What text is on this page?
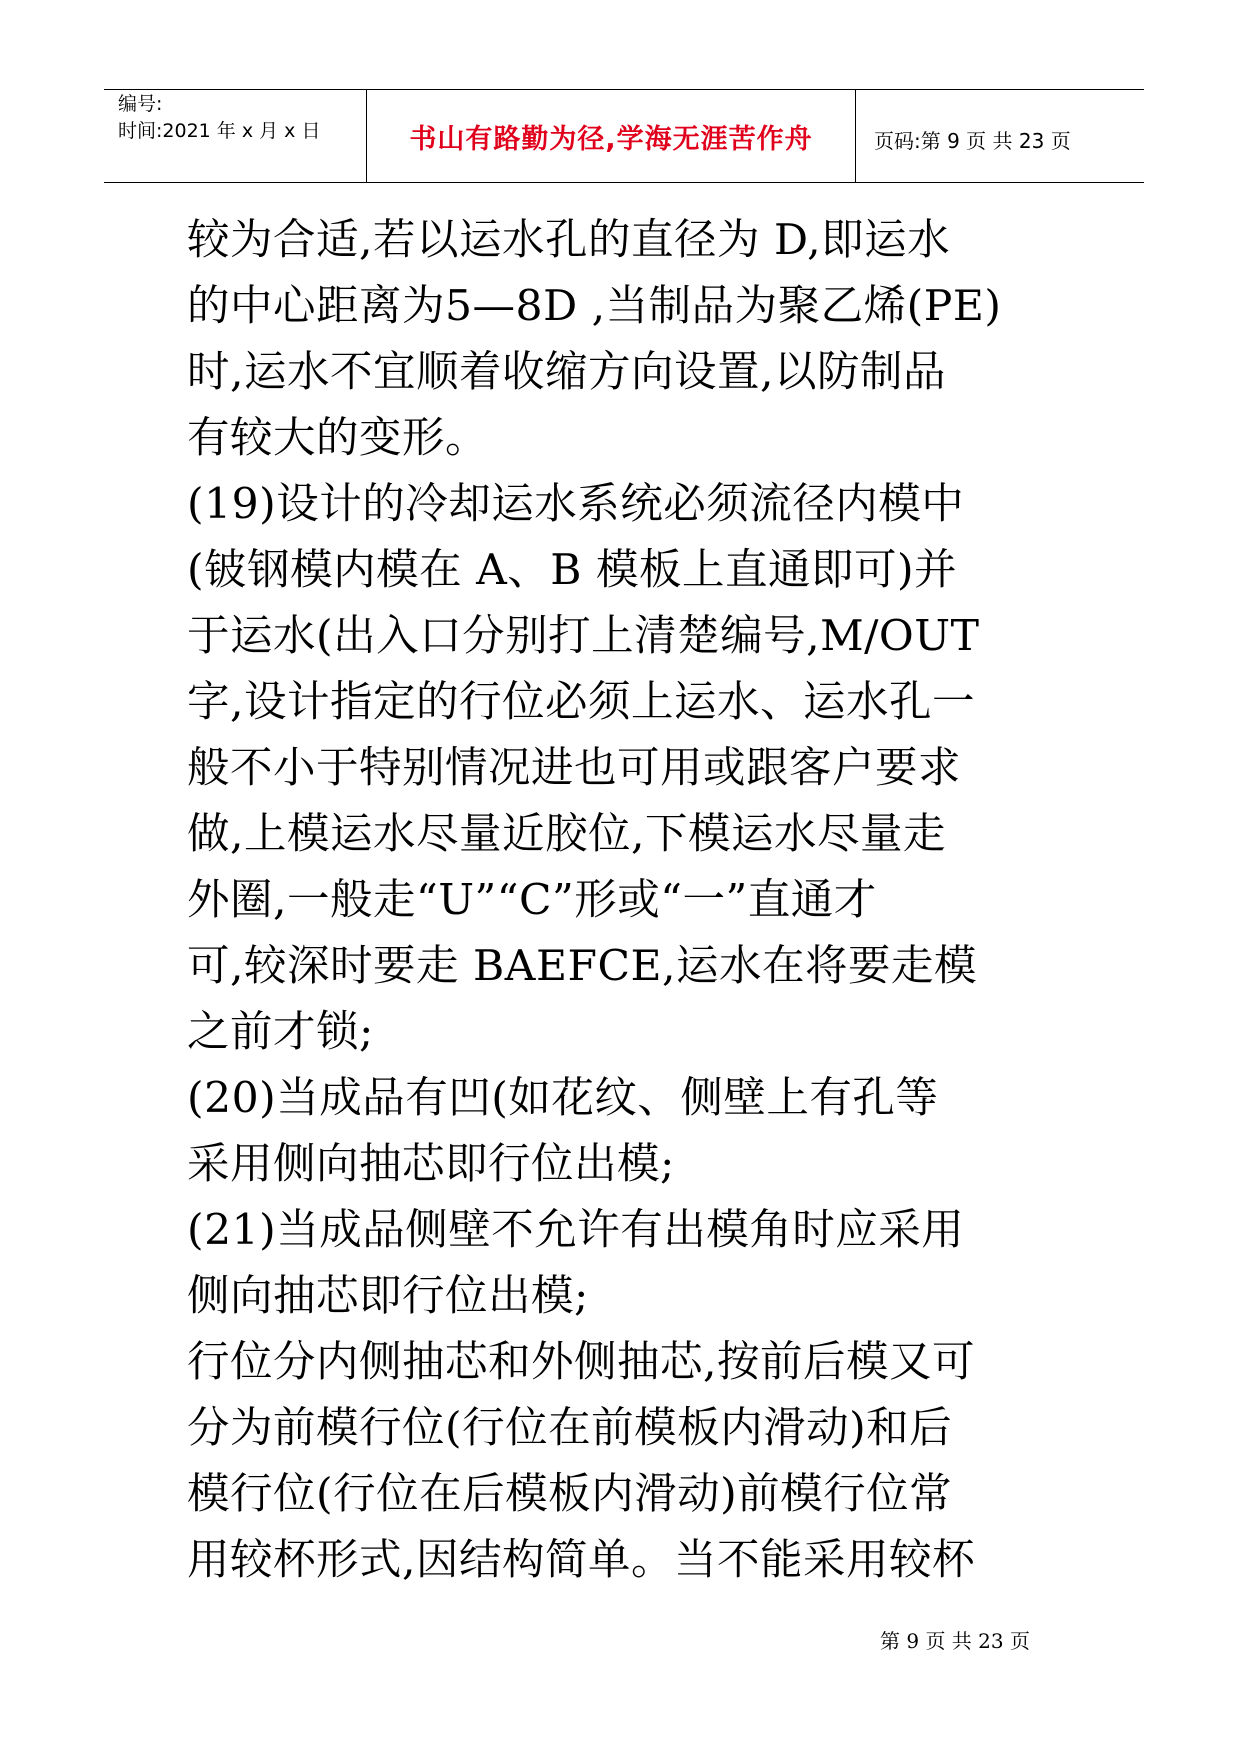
编号:
时间:2021 年 x 月 x 日	书山有路勤为径,学海无涯苦作舟	页码:第 9 页 共 23 页
较为合适,若以运水孔的直径为 D,即运水
的中心距离为5—8D ,当制品为聚乙烯(PE)
时,运水不宜顺着收缩方向设置,以防制品
有较大的变形。
(19)设计的冷却运水系统必须流径内模中
(铍钢模内模在 A、B 模板上直通即可)并
于运水(出入口分别打上清楚编号,M/OUT
字,设计指定的行位必须上运水、运水孔一
般不小于特别情况进也可用或跟客户要求
做,上模运水尽量近胶位,下模运水尽量走
外圈,一般走“U”“C”形或“一”直通才
可,较深时要走 BAEFCE,运水在将要走模
之前才锁;
(20)当成品有凹(如花纹、侧壁上有孔等
采用侧向抽芯即行位出模;
(21)当成品侧壁不允许有出模角时应采用
侧向抽芯即行位出模;
行位分内侧抽芯和外侧抽芯,按前后模又可
分为前模行位(行位在前模板内滑动)和后
模行位(行位在后模板内滑动)前模行位常
用较杯形式,因结构简单。当不能采用较杯
第 9 页 共 23 页
